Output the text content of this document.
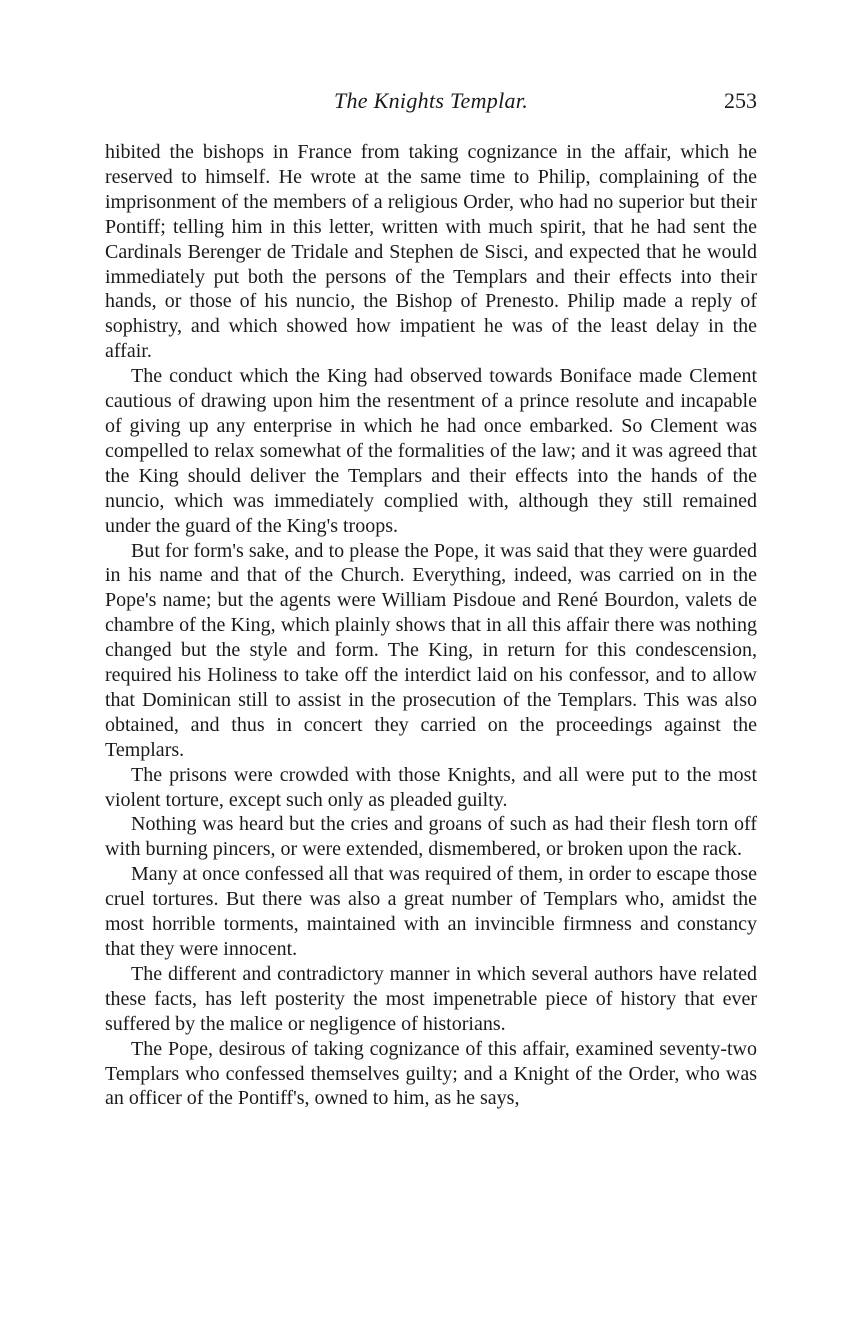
The Knights Templar.	253

hibited the bishops in France from taking cognizance in the affair, which he reserved to himself. He wrote at the same time to Philip, complaining of the imprisonment of the members of a religious Order, who had no superior but their Pontiff; telling him in this letter, written with much spirit, that he had sent the Cardinals Berenger de Tridale and Stephen de Sisci, and expected that he would immediately put both the persons of the Templars and their effects into their hands, or those of his nuncio, the Bishop of Prenesto. Philip made a reply of sophistry, and which showed how impatient he was of the least delay in the affair.

The conduct which the King had observed towards Boniface made Clement cautious of drawing upon him the resentment of a prince resolute and incapable of giving up any enterprise in which he had once embarked. So Clement was compelled to relax somewhat of the formalities of the law; and it was agreed that the King should deliver the Templars and their effects into the hands of the nuncio, which was immediately complied with, although they still remained under the guard of the King's troops.

But for form's sake, and to please the Pope, it was said that they were guarded in his name and that of the Church. Everything, indeed, was carried on in the Pope's name; but the agents were William Pisdoue and René Bourdon, valets de chambre of the King, which plainly shows that in all this affair there was nothing changed but the style and form. The King, in return for this condescension, required his Holiness to take off the interdict laid on his confessor, and to allow that Dominican still to assist in the prosecution of the Templars. This was also obtained, and thus in concert they carried on the proceedings against the Templars.

The prisons were crowded with those Knights, and all were put to the most violent torture, except such only as pleaded guilty.

Nothing was heard but the cries and groans of such as had their flesh torn off with burning pincers, or were extended, dismembered, or broken upon the rack.

Many at once confessed all that was required of them, in order to escape those cruel tortures. But there was also a great number of Templars who, amidst the most horrible torments, maintained with an invincible firmness and constancy that they were innocent.

The different and contradictory manner in which several authors have related these facts, has left posterity the most impenetrable piece of history that ever suffered by the malice or negligence of historians.

The Pope, desirous of taking cognizance of this affair, examined seventy-two Templars who confessed themselves guilty; and a Knight of the Order, who was an officer of the Pontiff's, owned to him, as he says,
